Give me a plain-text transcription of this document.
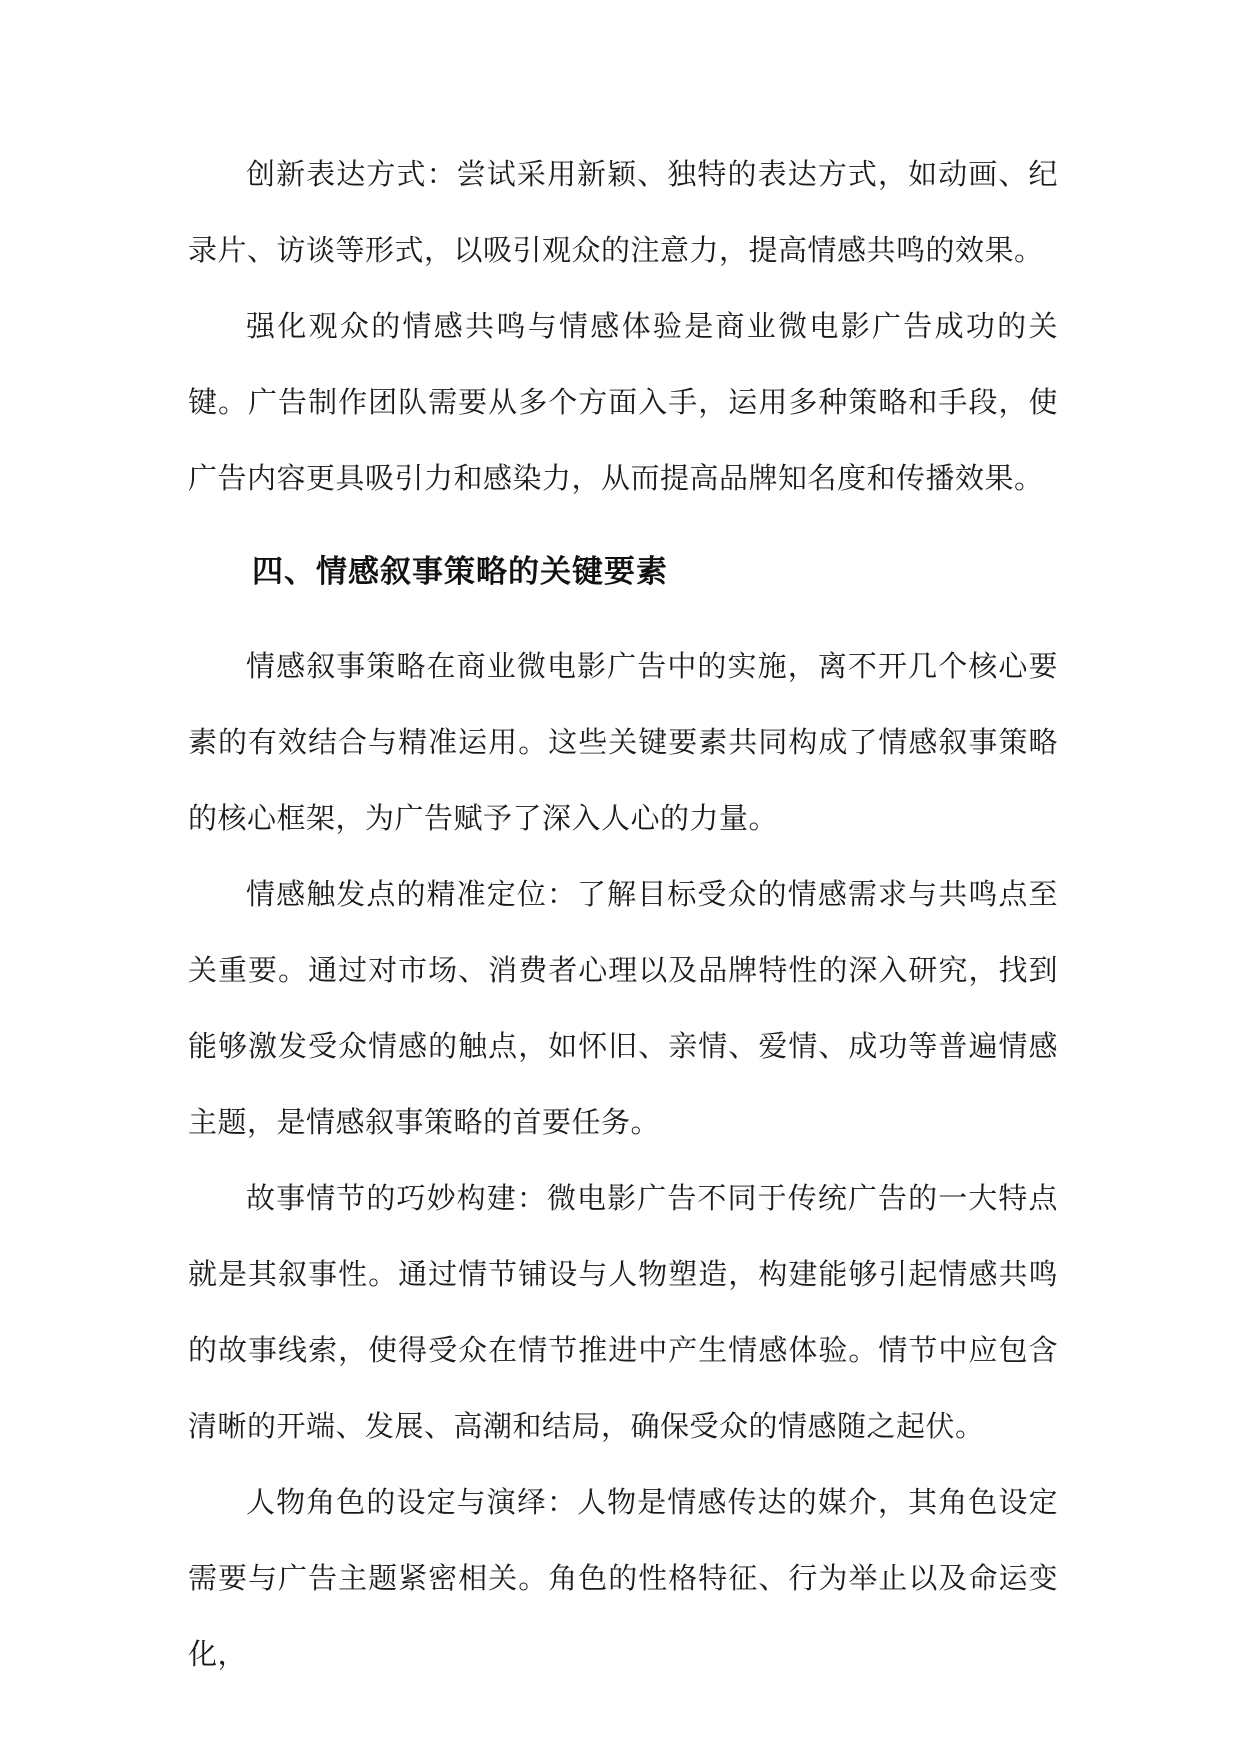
创新表达方式：尝试采用新颖、独特的表达方式，如动画、纪录片、访谈等形式，以吸引观众的注意力，提高情感共鸣的效果。

强化观众的情感共鸣与情感体验是商业微电影广告成功的关键。广告制作团队需要从多个方面入手，运用多种策略和手段，使广告内容更具吸引力和感染力，从而提高品牌知名度和传播效果。

四、情感叙事策略的关键要素

情感叙事策略在商业微电影广告中的实施，离不开几个核心要素的有效结合与精准运用。这些关键要素共同构成了情感叙事策略的核心框架，为广告赋予了深入人心的力量。

情感触发点的精准定位：了解目标受众的情感需求与共鸣点至关重要。通过对市场、消费者心理以及品牌特性的深入研究，找到能够激发受众情感的触点，如怀旧、亲情、爱情、成功等普遍情感主题，是情感叙事策略的首要任务。

故事情节的巧妙构建：微电影广告不同于传统广告的一大特点就是其叙事性。通过情节铺设与人物塑造，构建能够引起情感共鸣的故事线索，使得受众在情节推进中产生情感体验。情节中应包含清晰的开端、发展、高潮和结局，确保受众的情感随之起伏。

人物角色的设定与演绎：人物是情感传达的媒介，其角色设定需要与广告主题紧密相关。角色的性格特征、行为举止以及命运变化，
